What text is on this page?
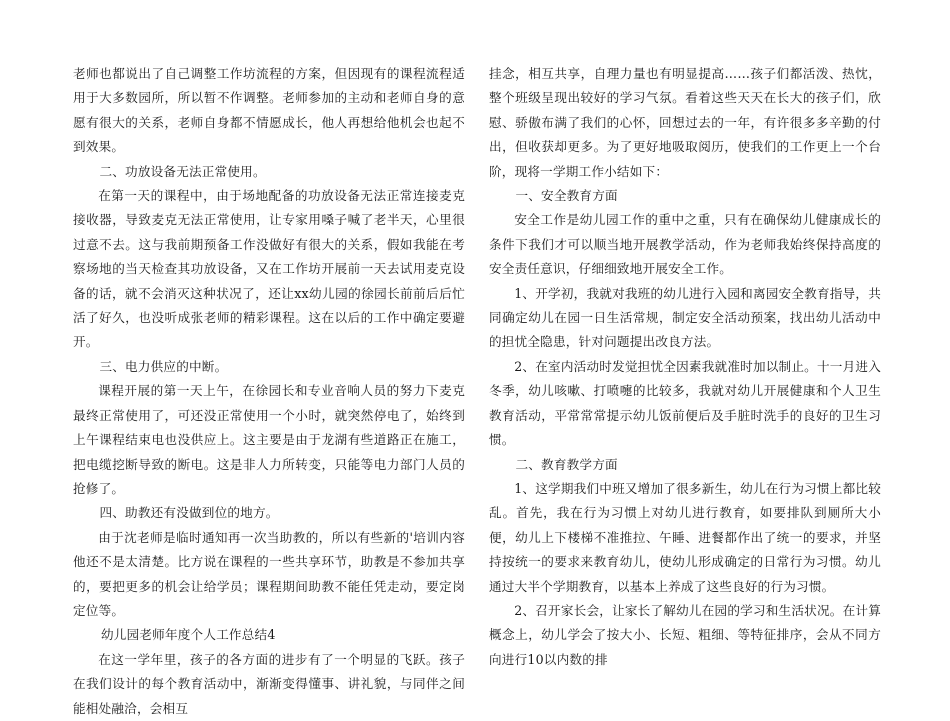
老师也都说出了自己调整工作坊流程的方案，但因现有的课程流程适用于大多数园所，所以暂不作调整。老师参加的主动和老师自身的意愿有很大的关系，老师自身都不情愿成长，他人再想给他机会也起不到效果。

二、功放设备无法正常使用。

在第一天的课程中，由于场地配备的功放设备无法正常连接麦克接收器，导致麦克无法正常使用，让专家用嗓子喊了老半天，心里很过意不去。这与我前期预备工作没做好有很大的关系，假如我能在考察场地的当天检查其功放设备，又在工作坊开展前一天去试用麦克设备的话，就不会消灭这种状况了，还让xx幼儿园的徐园长前前后后忙活了好久，也没听成张老师的精彩课程。这在以后的工作中确定要避开。

三、电力供应的中断。

课程开展的第一天上午，在徐园长和专业音响人员的努力下麦克最终正常使用了，可还没正常使用一个小时，就突然停电了，始终到上午课程结束电也没供应上。这主要是由于龙湖有些道路正在施工，把电缆挖断导致的断电。这是非人力所转变，只能等电力部门人员的抢修了。

四、助教还有没做到位的地方。

由于沈老师是临时通知再一次当助教的，所以有些新的'培训内容他还不是太清楚。比方说在课程的一些共享环节，助教是不参加共享的，要把更多的机会让给学员；课程期间助教不能任凭走动，要定岗定位等。

幼儿园老师年度个人工作总结4

在这一学年里，孩子的各方面的进步有了一个明显的飞跃。孩子在我们设计的每个教育活动中，渐渐变得懂事、讲礼貌，与同伴之间能相处融洽，会相互

挂念，相互共享，自理力量也有明显提高……孩子们都活泼、热忱，整个班级呈现出较好的学习气氛。看着这些天天在长大的孩子们，欣慰、骄傲布满了我们的心怀，回想过去的一年，有许很多多辛勤的付出，但收获却更多。为了更好地吸取阅历，使我们的工作更上一个台阶，现将一学期工作小结如下：

一、安全教育方面

安全工作是幼儿园工作的重中之重，只有在确保幼儿健康成长的条件下我们才可以顺当地开展教学活动，作为老师我始终保持高度的安全责任意识，仔细细致地开展安全工作。

1、开学初，我就对我班的幼儿进行入园和离园安全教育指导，共同确定幼儿在园一日生活常规，制定安全活动预案，找出幼儿活动中的担忧全隐患，针对问题提出改良方法。

2、在室内活动时发觉担忧全因素我就准时加以制止。十一月进入冬季，幼儿咳嗽、打喷嚏的比较多，我就对幼儿开展健康和个人卫生教育活动，平常常常提示幼儿饭前便后及手脏时洗手的良好的卫生习惯。

二、教育教学方面

1、这学期我们中班又增加了很多新生，幼儿在行为习惯上都比较乱。首先，我在行为习惯上对幼儿进行教育，如要排队到厕所大小便，幼儿上下楼梯不准推拉、午睡、进餐都作出了统一的要求，并坚持按统一的要求来教育幼儿，使幼儿形成确定的日常行为习惯。幼儿通过大半个学期教育，以基本上养成了这些良好的行为习惯。

2、召开家长会，让家长了解幼儿在园的学习和生活状况。在计算概念上，幼儿学会了按大小、长短、粗细、等特征排序，会从不同方向进行10以内数的排
